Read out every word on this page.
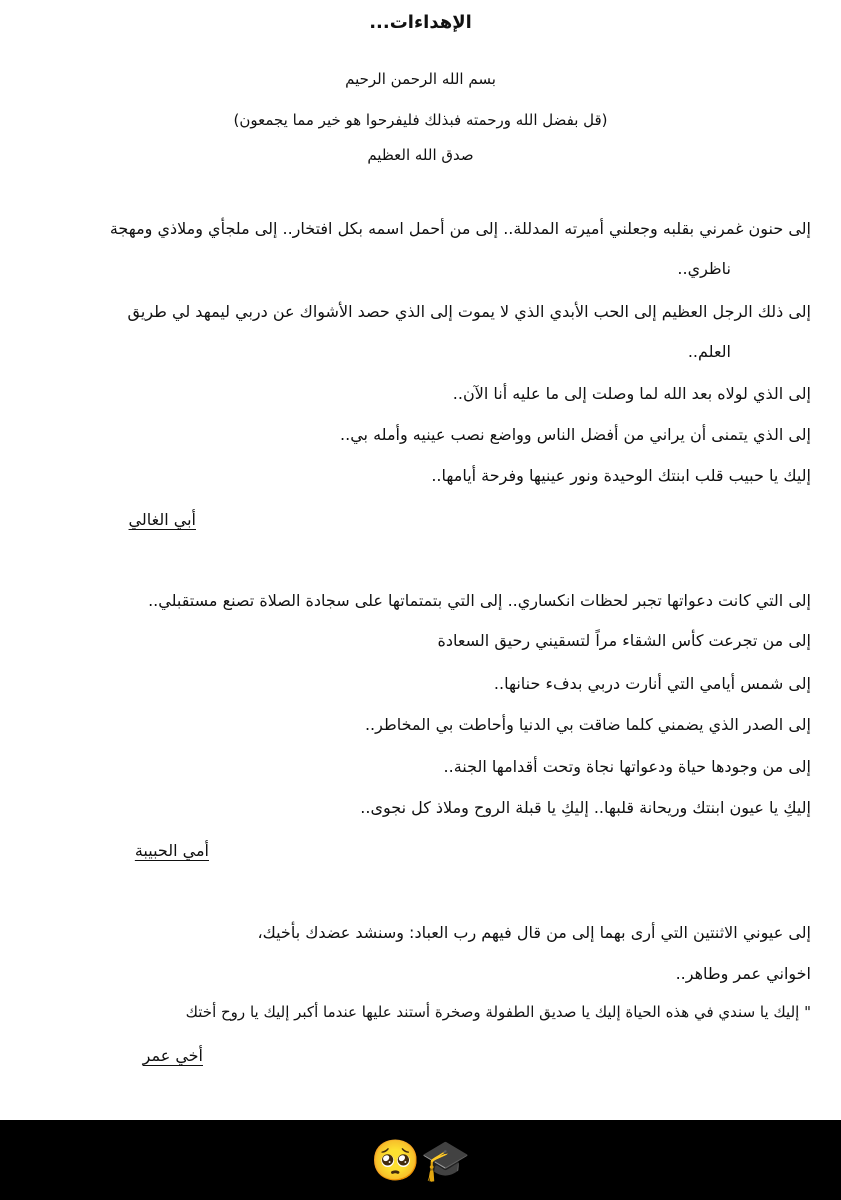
الإهداءات...
بسم الله الرحمن الرحيم
(قل بفضل الله ورحمته فبذلك فليفرحوا هو خير مما يجمعون)
صدق الله العظيم
إلى حنون غمرني بقلبه وجعلني أميرته المدللة.. إلى من أحمل اسمه بكل افتخار.. إلى ملجأي وملاذي ومهجة
ناظري..
إلى ذلك الرجل العظيم إلى الحب الأبدي الذي لا يموت إلى الذي حصد الأشواك عن دربي ليمهد لي طريق
العلم..
إلى الذي لولاه بعد الله لما وصلت إلى ما عليه أنا الآن..
إلى الذي يتمنى أن يراني من أفضل الناس وواضع نصب عينيه وأمله بي..
إليك يا حبيب قلب ابنتك الوحيدة ونور عينيها وفرحة أيامها..
أبي الغالي
إلى التي كانت دعواتها تجبر لحظات انكساري.. إلى التي بتمتماتها على سجادة الصلاة تصنع مستقبلي..
إلى من تجرعت كأس الشقاء مراً لتسقيني رحيق السعادة
إلى شمس أيامي التي أنارت دربي بدفء حنانها..
إلى الصدر الذي يضمني كلما ضاقت بي الدنيا وأحاطت بي المخاطر..
إلى من وجودها حياة ودعواتها نجاة وتحت أقدامها الجنة..
إليكِ يا عيون ابنتك وريحانة قلبها.. إليكِ يا قبلة الروح وملاذ كل نجوى..
أمي الحبيبة
إلى عيوني الاثنتين التي أرى بهما إلى من قال فيهم رب العباد: وسنشد عضدك بأخيك،
اخواني عمر وطاهر..
" إليك يا سندي في هذه الحياة إليك يا صديق الطفولة وصخرة أستند عليها عندما أكبر إليك يا روح أختك
أخي عمر
🥺 🎓
